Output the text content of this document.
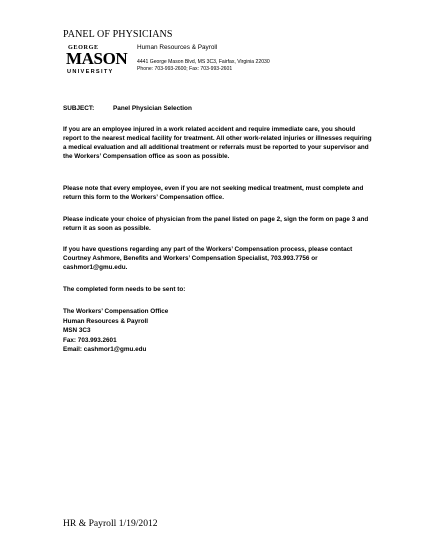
PANEL OF PHYSICIANS
GEORGE
MASON
UNIVERSITY
Human Resources & Payroll
4441 George Mason Blvd, MS 3C3, Fairfax, Virginia 22030
Phone: 703-993-2600; Fax: 703-993-2601
SUBJECT:	Panel Physician Selection
If you are an employee injured in a work related accident and require immediate care, you should report to the nearest medical facility for treatment. All other work-related injuries or illnesses requiring a medical evaluation and all additional treatment or referrals must be reported to your supervisor and the Workers’ Compensation office as soon as possible.
Please note that every employee, even if you are not seeking medical treatment, must complete and return this form to the Workers’ Compensation office.
Please indicate your choice of physician from the panel listed on page 2, sign the form on page 3 and return it as soon as possible.
If you have questions regarding any part of the Workers’ Compensation process, please contact Courtney Ashmore, Benefits and Workers’ Compensation Specialist, 703.993.7756 or cashmor1@gmu.edu.
The completed form needs to be sent to:
The Workers’ Compensation Office
Human Resources & Payroll
MSN 3C3
Fax: 703.993.2601
Email: cashmor1@gmu.edu
HR & Payroll 1/19/2012
